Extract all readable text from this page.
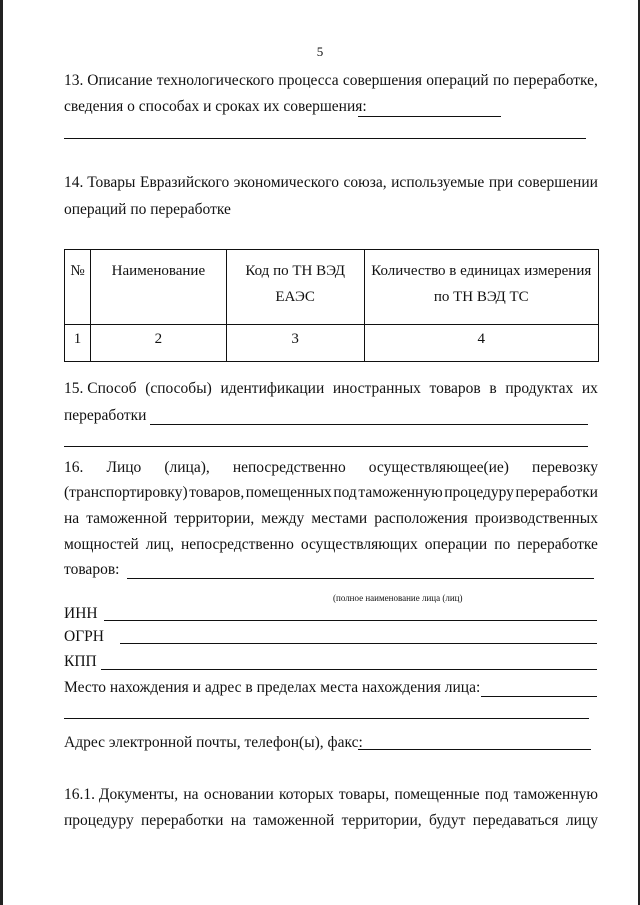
5
13. Описание технологического процесса совершения операций по переработке,
сведения о способах и сроках их совершения:
14. Товары Евразийского экономического союза, используемые при совершении
операций по переработке
№	Наименование	Код по ТН ВЭД ЕАЭС	Количество в единицах измерения по ТН ВЭД ТС
1	2	3	4
15. Способ (способы) идентификации иностранных товаров в продуктах их
переработки
16. Лицо (лица), непосредственно осуществляющее(ие) перевозку
(транспортировку) товаров, помещенных под таможенную процедуру переработки
на таможенной территории, между местами расположения производственных
мощностей лиц, непосредственно осуществляющих операции по переработке
товаров:
(полное наименование лица (лиц)
ИНН
ОГРН
КПП
Место нахождения и адрес в пределах места нахождения лица:
Адрес электронной почты, телефон(ы), факс:
16.1. Документы, на основании которых товары, помещенные под таможенную
процедуру переработки на таможенной территории, будут передаваться лицу
